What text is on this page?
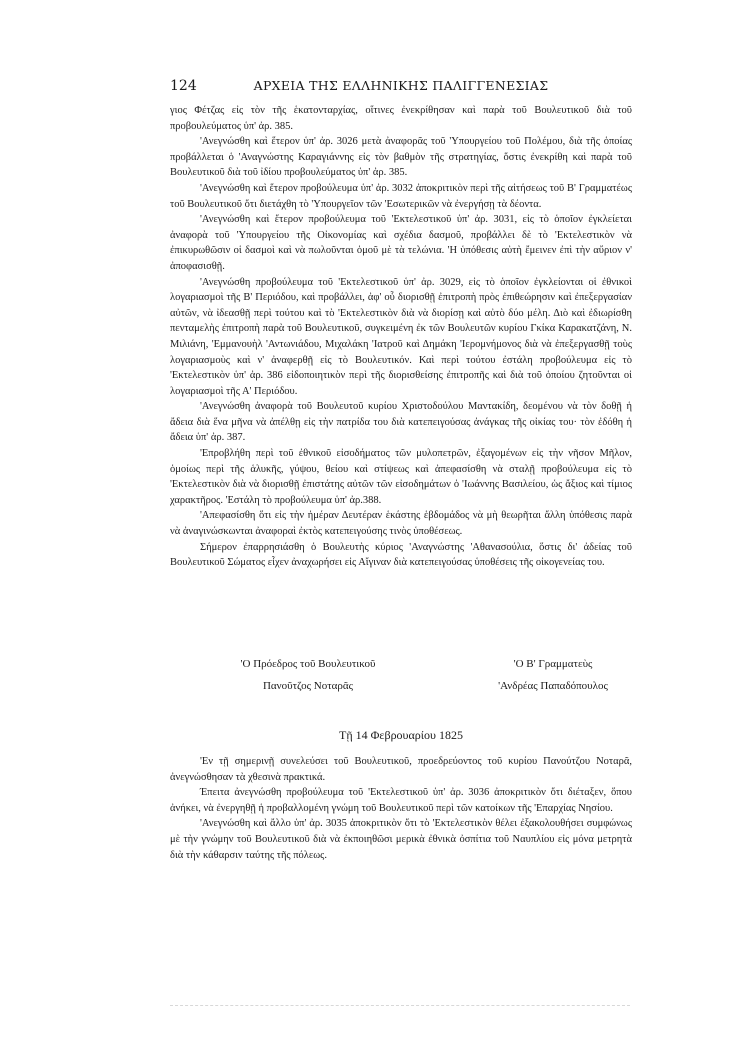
124	ΑΡΧΕΙΑ ΤΗΣ ΕΛΛΗΝΙΚΗΣ ΠΑΛΙΓΓΕΝΕΣΙΑΣ

γιος Φέτζας εἰς τὸν τῆς ἑκατονταρχίας, οἵτινες ἐνεκρίθησαν καὶ παρὰ τοῦ Βουλευτικοῦ διὰ τοῦ προβουλεύματος ὑπ' ἀρ. 385.

'Ανεγνώσθη καὶ ἕτερον ὑπ' ἀρ. 3026 μετὰ ἀναφορᾶς τοῦ 'Υπουργείου τοῦ Πολέμου, διὰ τῆς ὁποίας προβάλλεται ὁ 'Αναγνώστης Καραγιάννης εἰς τὸν βαθμὸν τῆς στρατηγίας, ὅστις ἐνεκρίθη καὶ παρὰ τοῦ Βουλευτικοῦ διὰ τοῦ ἰδίου προβουλεύματος ὑπ' ἀρ. 385.

'Ανεγνώσθη καὶ ἕτερον προβούλευμα ὑπ' ἀρ. 3032 ἀποκριτικὸν περὶ τῆς αἰτήσεως τοῦ Β' Γραμματέως τοῦ Βουλευτικοῦ ὅτι διετάχθη τὸ 'Υπουργεῖον τῶν 'Εσωτερικῶν νὰ ἐνεργήσῃ τὰ δέοντα.

'Ανεγνώσθη καὶ ἕτερον προβούλευμα τοῦ 'Εκτελεστικοῦ ὑπ' ἀρ. 3031, εἰς τὸ ὁποῖον ἐγκλείεται ἀναφορὰ τοῦ 'Υπουργείου τῆς Οἰκονομίας καὶ σχέδια δασμοῦ, προβάλλει δὲ τὸ 'Εκτελεστικὸν νὰ ἐπικυρωθῶσιν οἱ δασμοὶ καὶ νὰ πωλοῦνται ὁμοῦ μὲ τὰ τελώνια. 'Η ὑπόθεσις αὐτὴ ἔμεινεν ἐπὶ τὴν αὔριον ν' ἀποφασισθῇ.

'Ανεγνώσθη προβούλευμα τοῦ 'Εκτελεστικοῦ ὑπ' ἀρ. 3029, εἰς τὸ ὁποῖον ἐγκλείονται οἱ ἐθνικοὶ λογαριασμοὶ τῆς Β' Περιόδου, καὶ προβάλλει, ἀφ' οὗ διορισθῇ ἐπιτροπὴ πρὸς ἐπιθεώρησιν καὶ ἐπεξεργασίαν αὐτῶν, νὰ ἰδεασθῇ περὶ τούτου καὶ τὸ 'Εκτελεστικὸν διὰ νὰ διορίσῃ καὶ αὐτὸ δύο μέλη. Διὸ καὶ ἐδιωρίσθη πενταμελὴς ἐπιτροπὴ παρὰ τοῦ Βουλευτικοῦ, συγκειμένη ἐκ τῶν Βουλευτῶν κυρίου Γκίκα Καρακατζάνη, Ν. Μιλιάνη, 'Εμμανουὴλ 'Αντωνιάδου, Μιχαλάκη 'Ιατροῦ καὶ Δημάκη 'Ιερομνήμονος διὰ νὰ ἐπεξεργασθῇ τοὺς λογαριασμοὺς καὶ ν' ἀναφερθῇ εἰς τὸ Βουλευτικόν. Καὶ περὶ τούτου ἐστάλη προβούλευμα εἰς τὸ 'Εκτελεστικὸν ὑπ' ἀρ. 386 εἰδοποιητικὸν περὶ τῆς διορισθείσης ἐπιτροπῆς καὶ διὰ τοῦ ὁποίου ζητοῦνται οἱ λογαριασμοὶ τῆς Α' Περιόδου.

'Ανεγνώσθη ἀναφορὰ τοῦ Βουλευτοῦ κυρίου Χριστοδούλου Μαντακίδη, δεομένου νὰ τὸν δοθῇ ἡ ἄδεια διὰ ἕνα μῆνα νὰ ἀπέλθῃ εἰς τὴν πατρίδα του διὰ κατεπειγούσας ἀνάγκας τῆς οἰκίας του· τὸν ἐδόθη ἡ ἄδεια ὑπ' ἀρ. 387.

'Επροβλήθη περὶ τοῦ ἐθνικοῦ εἰσοδήματος τῶν μυλοπετρῶν, ἐξαγομένων εἰς τὴν νῆσον Μῆλον, ὁμοίως περὶ τῆς ἁλυκῆς, γύψου, θείου καὶ στίψεως καὶ ἀπεφασίσθη νὰ σταλῇ προβούλευμα εἰς τὸ 'Εκτελεστικὸν διὰ νὰ διορισθῇ ἐπιστάτης αὐτῶν τῶν εἰσοδημάτων ὁ 'Ιωάννης Βασιλείου, ὡς ἄξιος καὶ τίμιος χαρακτῆρος. 'Εστάλη τὸ προβούλευμα ὑπ' ἀρ.388.

'Απεφασίσθη ὅτι εἰς τὴν ἡμέραν Δευτέραν ἑκάστης ἑβδομάδος νὰ μὴ θεωρῆται ἄλλη ὑπόθεσις παρὰ νὰ ἀναγινώσκωνται ἀναφοραὶ ἐκτὸς κατεπειγούσης τινὸς ὑποθέσεως.

Σήμερον ἐπαρρησιάσθη ὁ Βουλευτὴς κύριος 'Αναγνώστης 'Αθανασούλια, ὅστις δι' ἀδείας τοῦ Βουλευτικοῦ Σώματος εἶχεν ἀναχωρήσει εἰς Αἴγιναν διὰ κατεπειγούσας ὑποθέσεις τῆς οἰκογενείας του.

'Ο Πρόεδρος τοῦ Βουλευτικοῦ
Πανοῦτζος Νοταρᾶς
'Ο Β' Γραμματεὺς
'Ανδρέας Παπαδόπουλος
Τῇ 14 Φεβρουαρίου 1825

'Εν τῇ σημερινῇ συνελεύσει τοῦ Βουλευτικοῦ, προεδρεύοντος τοῦ κυρίου Πανούτζου Νοταρᾶ, ἀνεγνώσθησαν τὰ χθεσινὰ πρακτικά.

Έπειτα ἀνεγνώσθη προβούλευμα τοῦ 'Εκτελεστικοῦ ὑπ' ἀρ. 3036 ἀποκριτικὸν ὅτι διέταξεν, ὅπου ἀνήκει, νὰ ἐνεργηθῇ ἡ προβαλλομένη γνώμη τοῦ Βουλευτικοῦ περὶ τῶν κατοίκων τῆς 'Επαρχίας Νησίου.

'Ανεγνώσθη καὶ ἄλλο ὑπ' ἀρ. 3035 ἀποκριτικὸν ὅτι τὸ 'Εκτελεστικὸν θέλει ἐξακολουθήσει συμφώνως μὲ τὴν γνώμην τοῦ Βουλευτικοῦ διὰ νὰ ἐκποιηθῶσι μερικὰ ἐθνικὰ ὀσπίτια τοῦ Ναυπλίου εἰς μόνα μετρητὰ διὰ τὴν κάθαρσιν ταύτης τῆς πόλεως.
